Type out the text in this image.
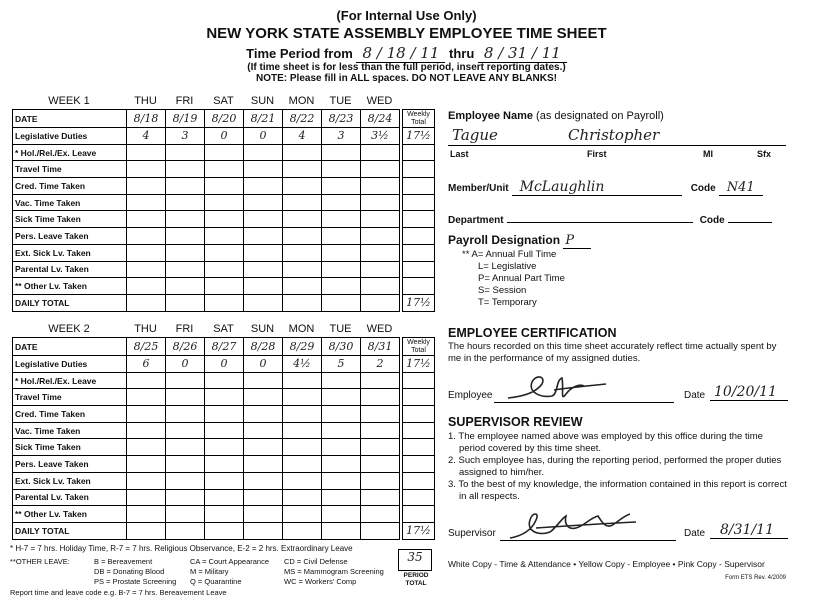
(For Internal Use Only)
NEW YORK STATE ASSEMBLY EMPLOYEE TIME SHEET
Time Period from 8 / 18 / 11 thru 8 / 31 / 11
(If time sheet is for less than the full period, insert reporting dates.)
NOTE: Please fill in ALL spaces. DO NOT LEAVE ANY BLANKS!
WEEK 1	THU	FRI	SAT	SUN	MON	TUE	WED
DATE	8/18	8/19	8/20	8/21	8/22	8/23	8/24		Weekly Total
Legislative Duties	4	3	0	0	4	3	3½		17½
* Hol./Rel./Ex. Leave									
Travel Time									
Cred. Time Taken									
Vac. Time Taken									
Sick Time Taken									
Pers. Leave Taken									
Ext. Sick Lv. Taken									
Parental Lv. Taken									
** Other Lv. Taken									
DAILY TOTAL									17½
WEEK 2	THU	FRI	SAT	SUN	MON	TUE	WED
DATE	8/25	8/26	8/27	8/28	8/29	8/30	8/31		Weekly Total
Legislative Duties	6	0	0	0	4½	5	2		17½
* Hol./Rel./Ex. Leave									
Travel Time									
Cred. Time Taken									
Vac. Time Taken									
Sick Time Taken									
Pers. Leave Taken									
Ext. Sick Lv. Taken									
Parental Lv. Taken									
** Other Lv. Taken									
DAILY TOTAL									17½
* H-7 = 7 hrs. Holiday Time, R-7 = 7 hrs. Religious Observance, E-2 = 2 hrs. Extraordinary Leave
**OTHER LEAVE:	B = Bereavement
DB = Donating Blood
PS = Prostate Screening
CA = Court Appearance
M = Military
Q = Quarantine
CD = Civil Defense
MS = Mammogram Screening
WC = Workers' Comp
Report time and leave code e.g. B-7 = 7 hrs. Bereavement Leave
35
PERIOD TOTAL
Employee Name (as designated on Payroll)
Tague	Christopher
Last	First	MI	Sfx
Member/Unit McLaughlin	Code N41
Department	Code
Payroll Designation P
** A= Annual Full Time
L= Legislative
P= Annual Part Time
S= Session
T= Temporary
EMPLOYEE CERTIFICATION
The hours recorded on this time sheet accurately reflect time actually spent by me in the performance of my assigned duties.
Employee	Date 10/20/11
SUPERVISOR REVIEW
1. The employee named above was employed by this office during the time period covered by this time sheet.
2. Such employee has, during the reporting period, performed the proper duties assigned to him/her.
3. To the best of my knowledge, the information contained in this report is correct in all respects.
Supervisor	Date	8/31/11
White Copy - Time & Attendance • Yellow Copy - Employee • Pink Copy - Supervisor
Form ETS Rev. 4/2009
